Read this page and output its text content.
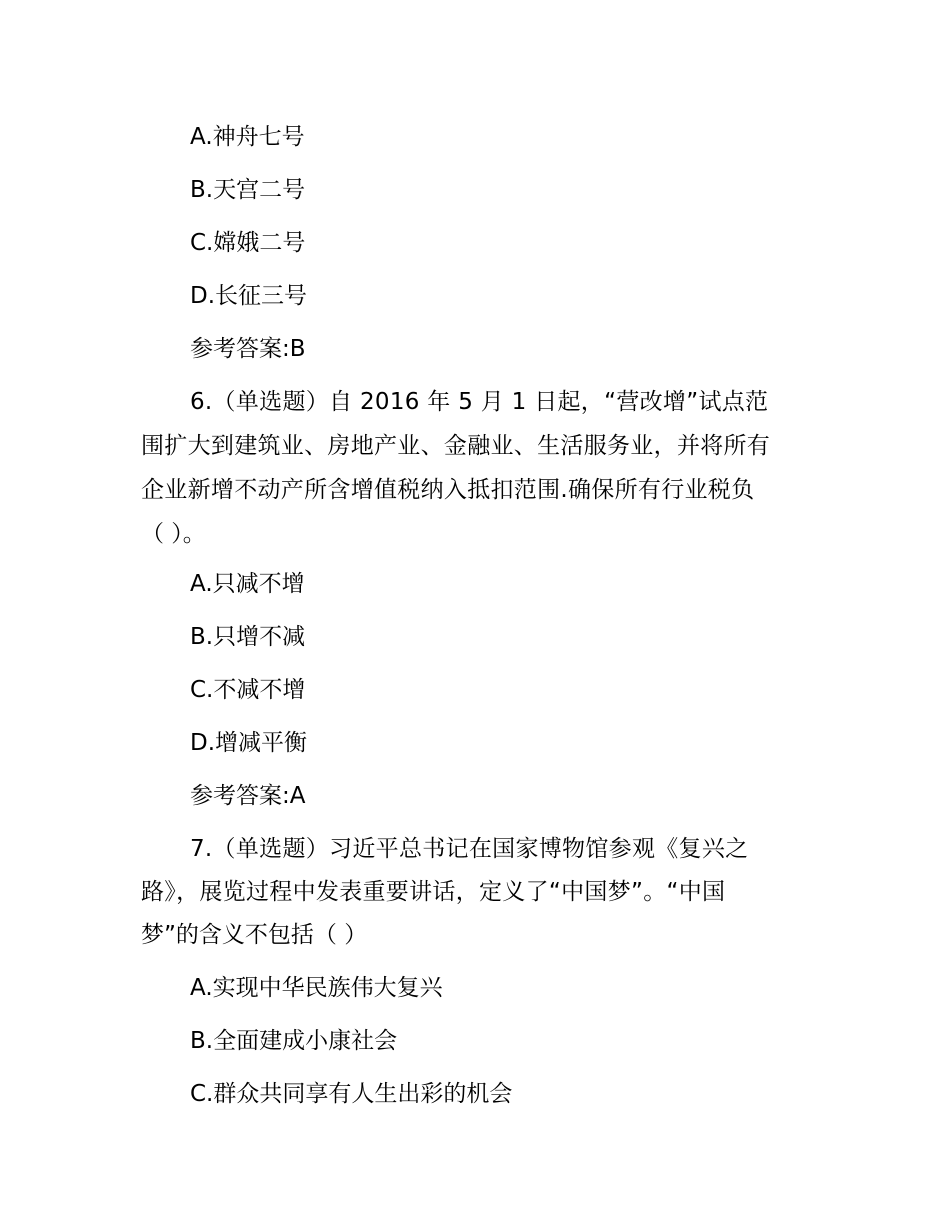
A.神舟七号
B.天宫二号
C.嫦娥二号
D.长征三号
参考答案:B
6.（单选题）自 2016 年 5 月 1 日起，“营改增”试点范
围扩大到建筑业、房地产业、金融业、生活服务业，并将所有
企业新增不动产所含增值税纳入抵扣范围.确保所有行业税负
（ ）。
A.只减不增
B.只增不减
C.不减不增
D.增减平衡
参考答案:A
7.（单选题）习近平总书记在国家博物馆参观《复兴之
路》，展览过程中发表重要讲话，定义了“中国梦”。“中国
梦”的含义不包括（ ）
A.实现中华民族伟大复兴
B.全面建成小康社会
C.群众共同享有人生出彩的机会
